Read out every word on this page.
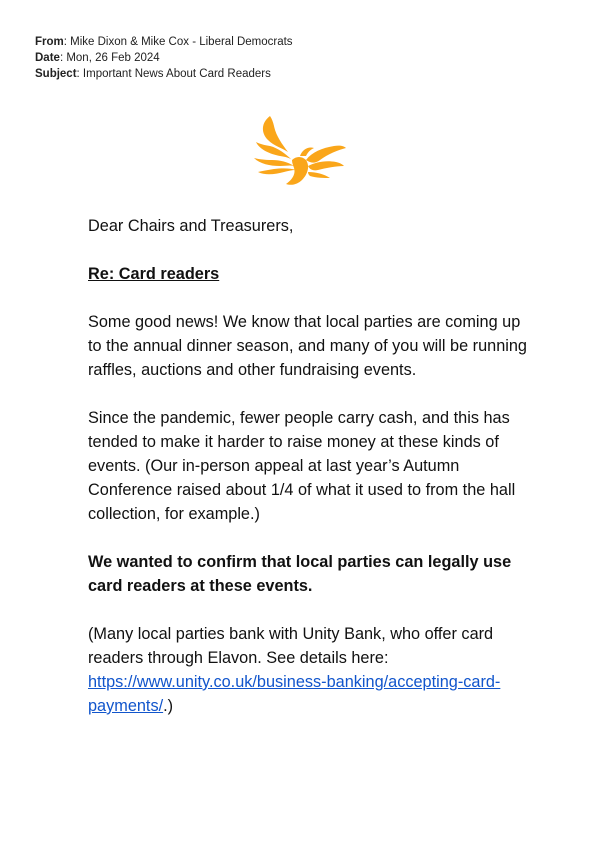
From: Mike Dixon & Mike Cox - Liberal Democrats
Date: Mon, 26 Feb 2024
Subject: Important News About Card Readers

Dear Chairs and Treasurers,

Re: Card readers

Some good news! We know that local parties are coming up to the annual dinner season, and many of you will be running raffles, auctions and other fundraising events.

Since the pandemic, fewer people carry cash, and this has tended to make it harder to raise money at these kinds of events. (Our in-person appeal at last year’s Autumn Conference raised about 1/4 of what it used to from the hall collection, for example.)

We wanted to confirm that local parties can legally use card readers at these events.

(Many local parties bank with Unity Bank, who offer card readers through Elavon. See details here: https://www.unity.co.uk/business-banking/accepting-card-payments/.)
